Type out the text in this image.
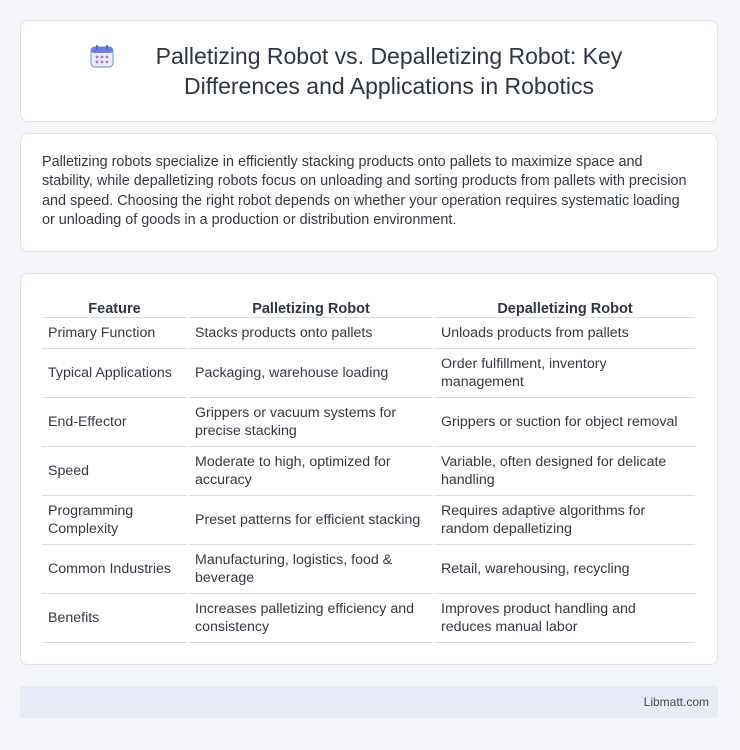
Palletizing Robot vs. Depalletizing Robot: Key Differences and Applications in Robotics

Palletizing robots specialize in efficiently stacking products onto pallets to maximize space and stability, while depalletizing robots focus on unloading and sorting products from pallets with precision and speed. Choosing the right robot depends on whether your operation requires systematic loading or unloading of goods in a production or distribution environment.

Feature	Palletizing Robot	Depalletizing Robot
Primary Function	Stacks products onto pallets	Unloads products from pallets
Typical Applications	Packaging, warehouse loading	Order fulfillment, inventory management
End-Effector	Grippers or vacuum systems for precise stacking	Grippers or suction for object removal
Speed	Moderate to high, optimized for accuracy	Variable, often designed for delicate handling
Programming Complexity	Preset patterns for efficient stacking	Requires adaptive algorithms for random depalletizing
Common Industries	Manufacturing, logistics, food & beverage	Retail, warehousing, recycling
Benefits	Increases palletizing efficiency and consistency	Improves product handling and reduces manual labor
Libmatt.com
